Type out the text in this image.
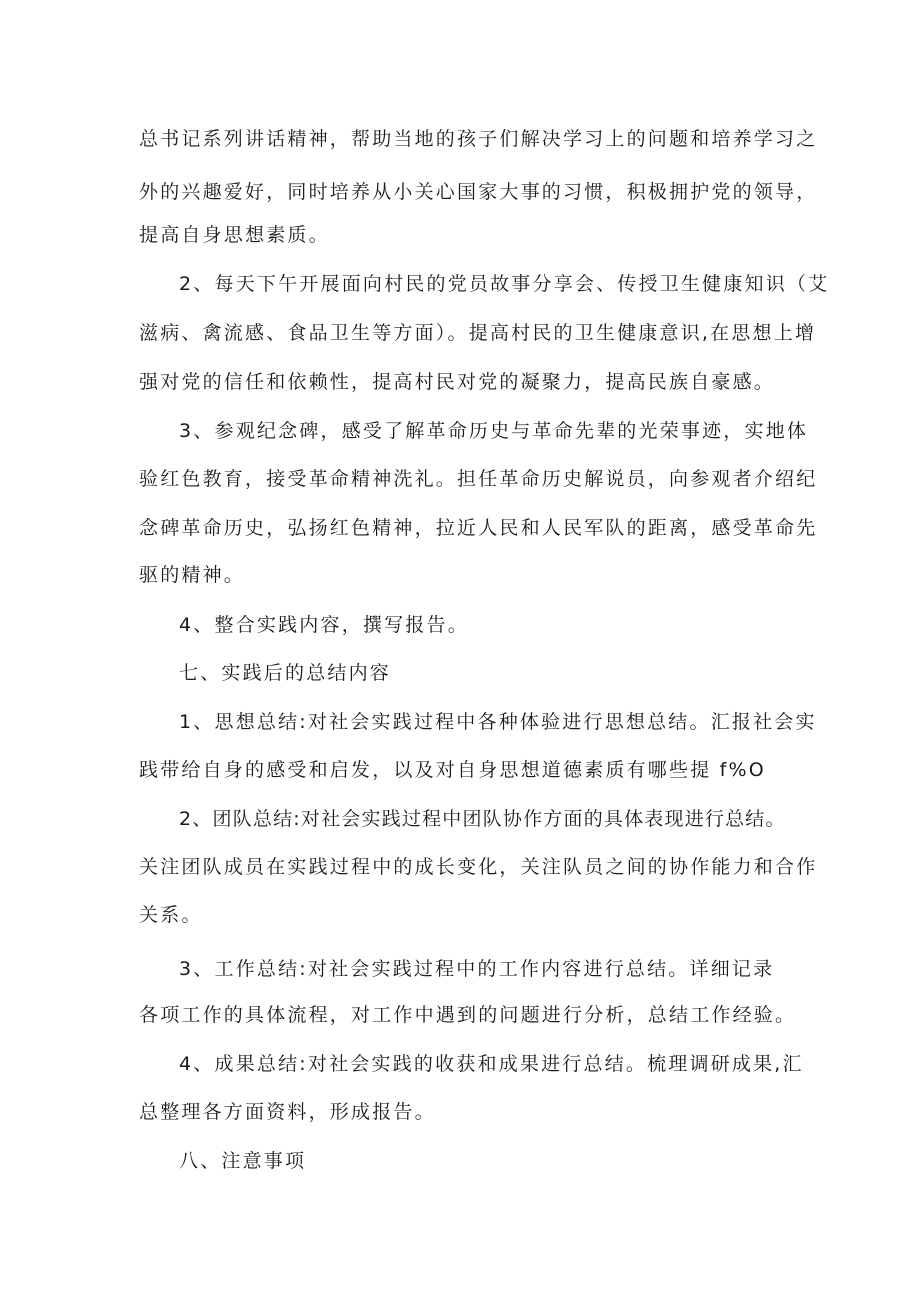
总书记系列讲话精神，帮助当地的孩子们解决学习上的问题和培养学习之
外的兴趣爱好，同时培养从小关心国家大事的习惯，积极拥护党的领导，
提高自身思想素质。
2、每天下午开展面向村民的党员故事分享会、传授卫生健康知识（艾
滋病、禽流感、食品卫生等方面）。提高村民的卫生健康意识,在思想上增
强对党的信任和依赖性，提高村民对党的凝聚力，提高民族自豪感。
3、参观纪念碑，感受了解革命历史与革命先辈的光荣事迹，实地体
验红色教育，接受革命精神洗礼。担任革命历史解说员，向参观者介绍纪
念碑革命历史，弘扬红色精神，拉近人民和人民军队的距离，感受革命先
驱的精神。
4、整合实践内容，撰写报告。
七、实践后的总结内容
1、思想总结:对社会实践过程中各种体验进行思想总结。汇报社会实
践带给自身的感受和启发，以及对自身思想道德素质有哪些提 f%O
2、团队总结:对社会实践过程中团队协作方面的具体表现进行总结。
关注团队成员在实践过程中的成长变化，关注队员之间的协作能力和合作
关系。
3、工作总结:对社会实践过程中的工作内容进行总结。详细记录
各项工作的具体流程，对工作中遇到的问题进行分析，总结工作经验。
4、成果总结:对社会实践的收获和成果进行总结。梳理调研成果,汇
总整理各方面资料，形成报告。
八、注意事项
